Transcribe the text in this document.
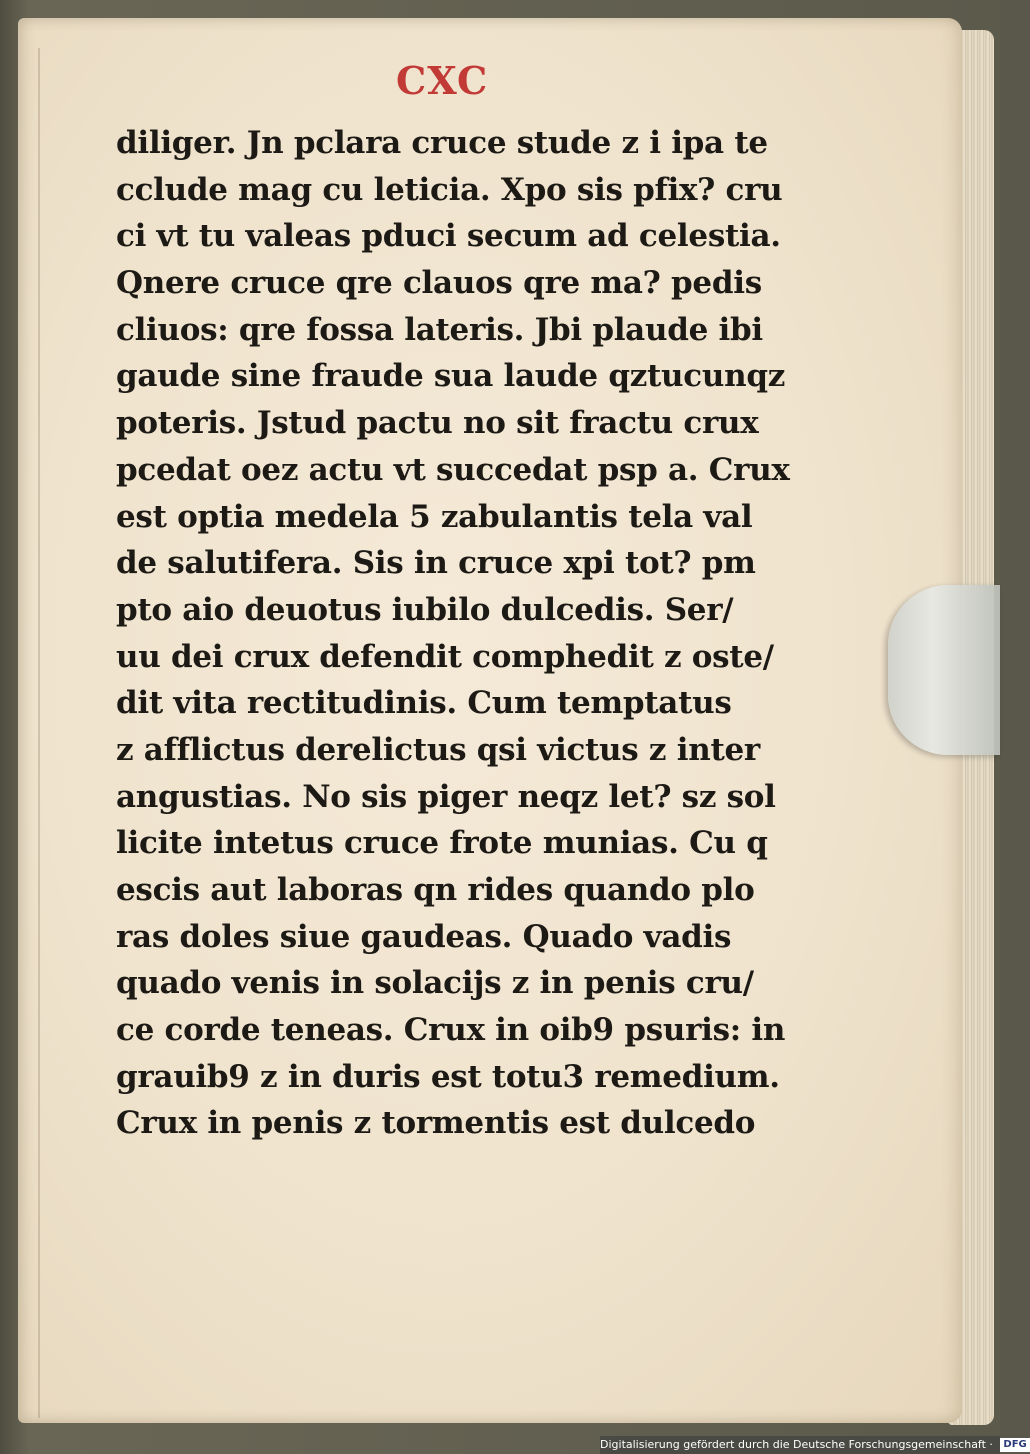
CXC
diliger. Jn pclara cruce stude z i ipa te
cclude mag cu leticia. Xpo sis pfix? cru
ci vt tu valeas pduci secum ad celestia.
Qnere cruce qre clauos qre ma? pedis
cliuos: qre fossa lateris. Jbi plaude ibi
gaude sine fraude sua laude qztucunqz
poteris. Jstud pactu no sit fractu crux
pcedat oez actu vt succedat psp a. Crux
est optia medela 5 zabulantis tela val
de salutifera. Sis in cruce xpi tot? pm
pto aio deuotus iubilo dulcedis. Ser/
uu dei crux defendit comphedit z oste/
dit vita rectitudinis. Cum temptatus
z afflictus derelictus qsi victus z inter
angustias. No sis piger neqz let? sz sol
licite intetus cruce frote munias. Cu q
escis aut laboras qn rides quando plo
ras doles siue gaudeas. Quado vadis
quado venis in solacijs z in penis cru/
ce corde teneas. Crux in oib9 psuris: in
grauib9 z in duris est totu3 remedium.
Crux in penis z tormentis est dulcedo
Digitalisierung gefördert durch die Deutsche Forschungsgemeinschaft · DFG
